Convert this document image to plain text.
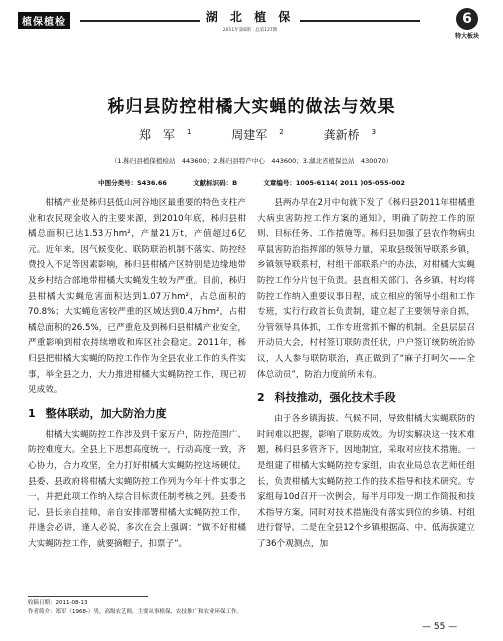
植保植检	湖 北 植 保
2011年第6期　总第127期
6
特大板块
秭归县防控柑橘大实蝇的做法与效果
郑　军 $^1$	周建军 $^2$	龚新桥 $^3$
（1.秭归县植保植检站　443600；2.秭归县特产中心　443600；3.湖北省植保总站　430070）
中图分类号：S436.66	文献标识码：B	文章编号：1005-6114( 2011 )05-055-002

柑橘产业是秭归县低山河谷地区最重要的特色支柱产业和农民现金收入的主要来源，到2010年底，秭归县柑橘总面积已达1.53万hm²，产量21万t，产值超过6亿元。近年来，因气候变化、联防联治机制不落实、防控经费投入不足等因素影响，秭归县柑橘产区特别是边缘地带及乡村结合部地带柑橘大实蝇发生较为严重。目前，秭归县柑橘大实蝇危害面积达到1.07万hm²，占总面积的70.8%；大实蝇危害较严重的区域达到0.4万hm²，占柑橘总面积的26.5%，已严重危及到秭归县柑橘产业安全，严重影响到柑农持续增收和库区社会稳定。2011年，秭归县把柑橘大实蝇的防控工作作为全县农业工作的头件实事，举全县之力，大力推进柑橘大实蝇防控工作，现已初见成效。

1 整体联动，加大防治力度

柑橘大实蝇防控工作涉及到千家万户，防控范围广、防控难度大。全县上下思想高度统一，行动高度一致，齐心协力，合力攻坚，全力打好柑橘大实蝇防控这场硬仗。县委、县政府将柑橘大实蝇防控工作列为今年十件实事之一，并把此项工作纳入综合目标责任制考核之列。县委书记、县长亲自挂帅，亲自安排部署柑橘大实蝇防控工作，并逢会必讲，逢人必说，多次在会上强调：“做不好柑橘大实蝇防控工作，就要摘帽子，扣票子”。

县两办早在2月中旬就下发了《秭归县2011年柑橘重大病虫害防控工作方案的通知》，明确了防控工作的原则、目标任务、工作措施等。秭归县加强了县农作物病虫草鼠害防治指挥部的领导力量，采取县级领导联系乡镇，乡镇领导联系村，村组干部联系户的办法，对柑橘大实蝇防控工作分片包干负责。县直相关部门、各乡镇、村均将防控工作纳入重要议事日程，成立相应的领导小组和工作专班，实行行政首长负责制，建立起了主要领导亲自抓，分管领导具体抓，工作专班常抓不懈的机制。全县层层召开动员大会，村村签订联防责任状，户户签订统防统治协议，人人参与联防联治，真正做到了“麻子打呵欠——全体总动员”，防治力度前所未有。

2 科技推动，强化技术手段

由于各乡镇海拔、气候不同，导致柑橘大实蝇联防的时间难以把握，影响了联防成效。为切实解决这一技术难题，秭归县多管齐下，因地制宜，采取对应技术措施。一是组建了柑橘大实蝇防控专家组，由农业局总农艺师任组长，负责柑橘大实蝇防控工作的技术指导和技术研究。专家组每10d召开一次例会，每半月印发一期工作简报和技术指导方案，同时对技术措施没有落实到位的乡镇、村组进行督导。二是在全县12个乡镇根据高、中、低海拔建立了36个观测点，加

收稿日期：2011-08-13
作者简介：郑军（1968-）男，高级农艺师，主要从事植保、农技推广和农业环保工作。
— 55 —
